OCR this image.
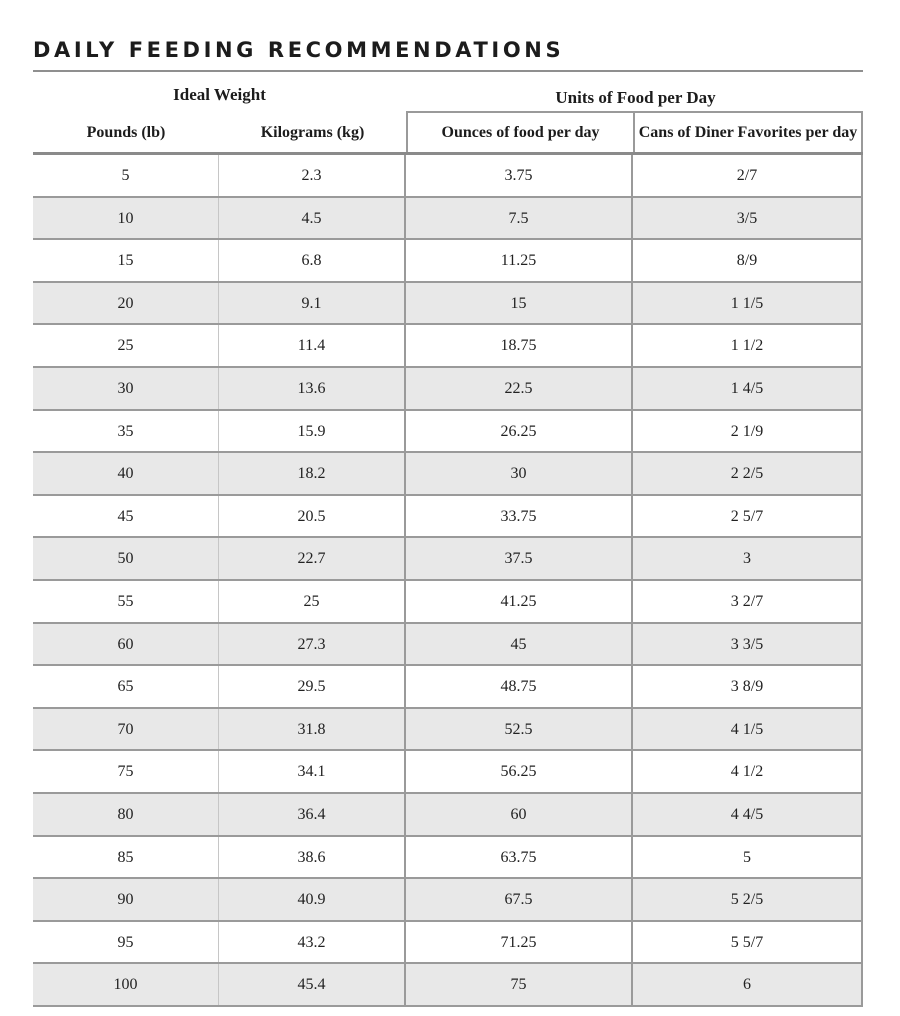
DAILY FEEDING RECOMMENDATIONS
Ideal Weight	Units of Food per Day
Pounds (lb)	Kilograms (kg)	Ounces of food per day	Cans of Diner Favorites per day
5	2.3	3.75	2/7
10	4.5	7.5	3/5
15	6.8	11.25	8/9
20	9.1	15	1 1/5
25	11.4	18.75	1 1/2
30	13.6	22.5	1 4/5
35	15.9	26.25	2 1/9
40	18.2	30	2 2/5
45	20.5	33.75	2 5/7
50	22.7	37.5	3
55	25	41.25	3 2/7
60	27.3	45	3 3/5
65	29.5	48.75	3 8/9
70	31.8	52.5	4 1/5
75	34.1	56.25	4 1/2
80	36.4	60	4 4/5
85	38.6	63.75	5
90	40.9	67.5	5 2/5
95	43.2	71.25	5 5/7
100	45.4	75	6
